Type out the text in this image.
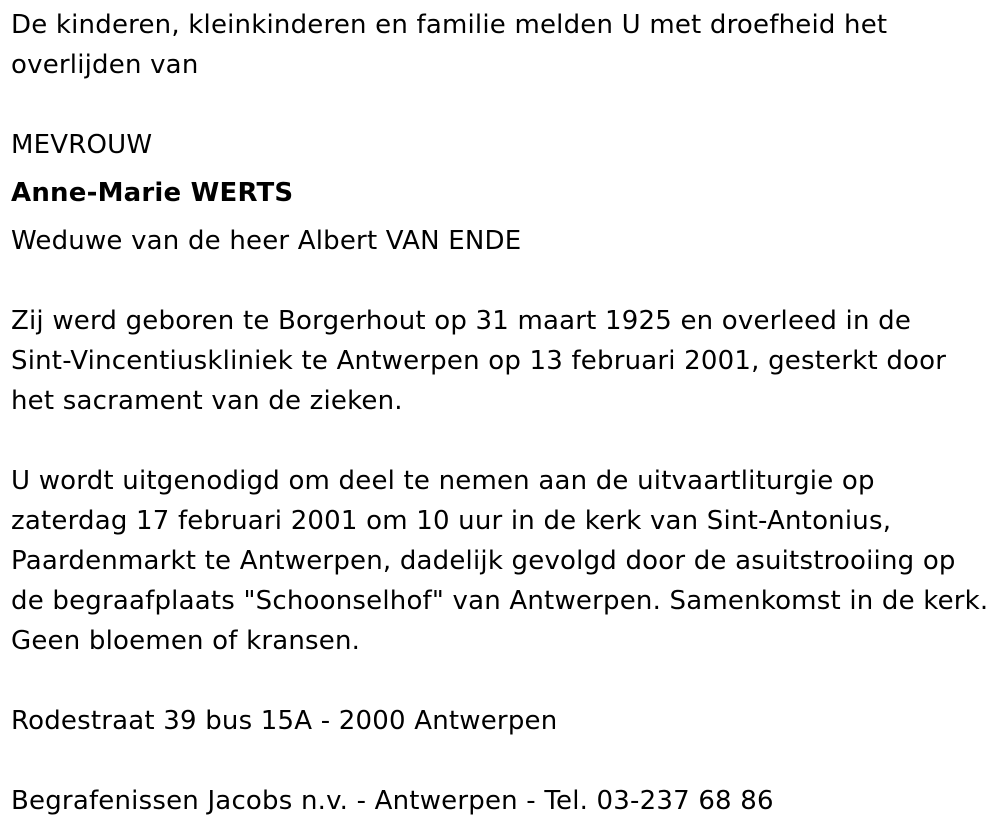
De kinderen, kleinkinderen en familie melden U met droefheid het
overlijden van
MEVROUW
Anne-Marie WERTS
Weduwe van de heer Albert VAN ENDE
Zij werd geboren te Borgerhout op 31 maart 1925 en overleed in de
Sint-Vincentiuskliniek te Antwerpen op 13 februari 2001, gesterkt door
het sacrament van de zieken.
U wordt uitgenodigd om deel te nemen aan de uitvaartliturgie op
zaterdag 17 februari 2001 om 10 uur in de kerk van Sint-Antonius,
Paardenmarkt te Antwerpen, dadelijk gevolgd door de asuitstrooiing op
de begraafplaats "Schoonselhof" van Antwerpen. Samenkomst in de kerk.
Geen bloemen of kransen.
Rodestraat 39 bus 15A - 2000 Antwerpen
Begrafenissen Jacobs n.v. - Antwerpen - Tel. 03-237 68 86
